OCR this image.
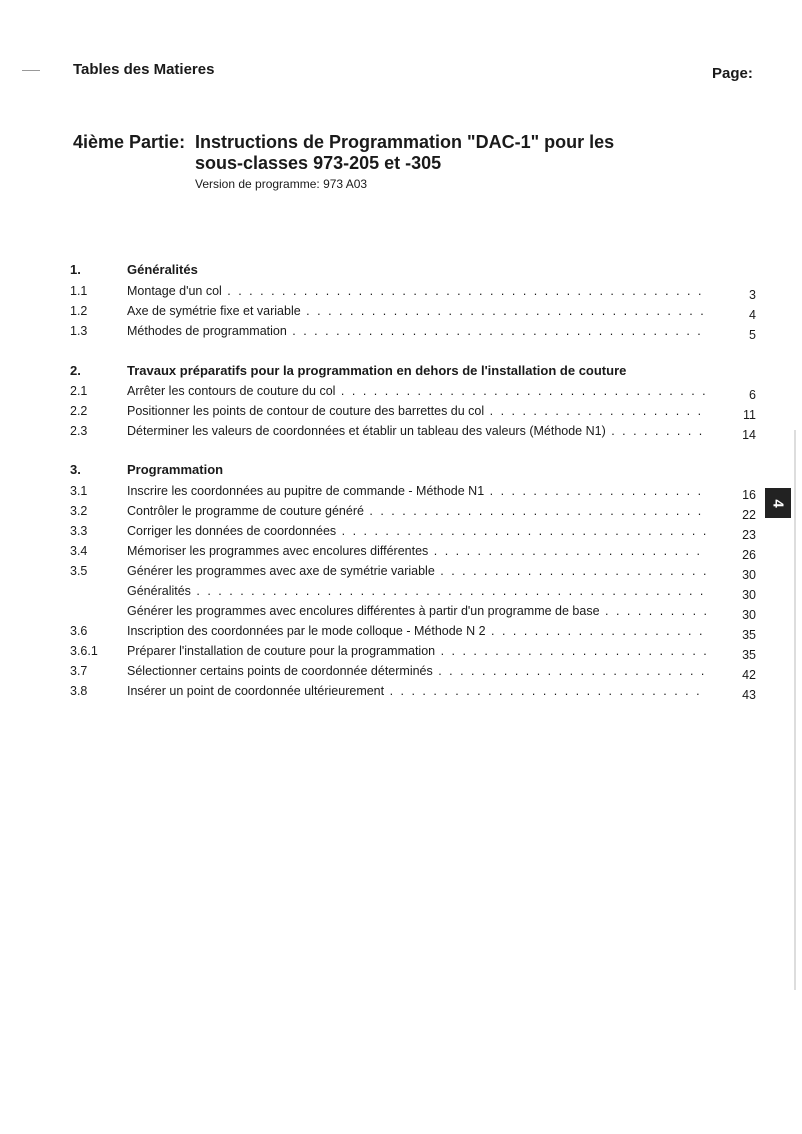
Tables des Matieres	Page:
4ième Partie: Instructions de Programmation "DAC-1" pour les sous-classes 973-205 et -305
Version de programme: 973 A03
1.	Généralités
1.1	Montage d'un col . . .	3
1.2	Axe de symétrie fixe et variable . . .	4
1.3	Méthodes de programmation . . .	5
2.	Travaux préparatifs pour la programmation en dehors de l'installation de couture
2.1	Arrêter les contours de couture du col . . .	6
2.2	Positionner les points de contour de couture des barrettes du col . . .	11
2.3	Déterminer les valeurs de coordonnées et établir un tableau des valeurs (Méthode N1) . . .	14
3.	Programmation
3.1	Inscrire les coordonnées au pupitre de commande - Méthode N1 . . .	16
3.2	Contrôler le programme de couture généré . . .	22
3.3	Corriger les données de coordonnées . . .	23
3.4	Mémoriser les programmes avec encolures différentes . . .	26
3.5	Générer les programmes avec axe de symétrie variable . . .	30
Généralités . . .	30
Générer les programmes avec encolures différentes à partir d'un programme de base . . .	30
3.6	Inscription des coordonnées par le mode colloque - Méthode N 2 . . .	35
3.6.1 Préparer l'installation de couture pour la programmation . . .	35
3.7	Sélectionner certains points de coordonnée déterminés . . .	42
3.8	Insérer un point de coordonnée ultérieurement . . .	43
4
